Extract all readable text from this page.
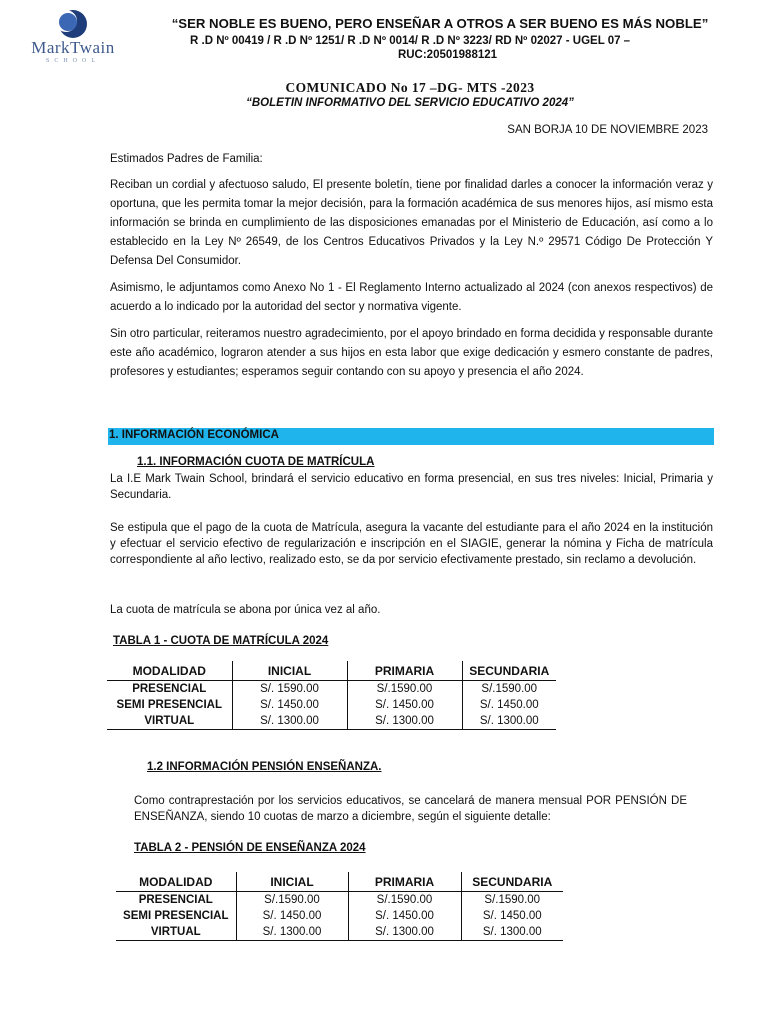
MarkTwain
SCHOOL
“SER NOBLE ES BUENO, PERO ENSEÑAR A OTROS A SER BUENO ES MÁS NOBLE”
R .D Nº 00419 / R .D Nº 1251/ R .D Nº 0014/ R .D Nº 3223/ RD Nº 02027 - UGEL 07 –
RUC:20501988121
COMUNICADO No 17 –DG- MTS -2023
“BOLETIN INFORMATIVO DEL SERVICIO EDUCATIVO 2024”
SAN BORJA 10 DE NOVIEMBRE 2023

Estimados Padres de Familia:

Reciban un cordial y afectuoso saludo, El presente boletín, tiene por finalidad darles a conocer la información veraz y oportuna, que les permita tomar la mejor decisión, para la formación académica de sus menores hijos, así mismo esta información se brinda en cumplimiento de las disposiciones emanadas por el Ministerio de Educación, así como a lo establecido en la Ley Nº 26549, de los Centros Educativos Privados y la Ley N.º 29571 Código De Protección Y Defensa Del Consumidor.

Asimismo, le adjuntamos como Anexo No 1 - El Reglamento Interno actualizado al 2024 (con anexos respectivos) de acuerdo a lo indicado por la autoridad del sector y normativa vigente.

Sin otro particular, reiteramos nuestro agradecimiento, por el apoyo brindado en forma decidida y responsable durante este año académico, lograron atender a sus hijos en esta labor que exige dedicación y esmero constante de padres, profesores y estudiantes; esperamos seguir contando con su apoyo y presencia el año 2024.

1. INFORMACIÓN ECONÓMICA
1.1. INFORMACIÓN CUOTA DE MATRÍCULA

La I.E Mark Twain School, brindará el servicio educativo en forma presencial, en sus tres niveles: Inicial, Primaria y Secundaria.

Se estipula que el pago de la cuota de Matrícula, asegura la vacante del estudiante para el año 2024 en la institución y efectuar el servicio efectivo de regularización e inscripción en el SIAGIE, generar la nómina y Ficha de matrícula correspondiente al año lectivo, realizado esto, se da por servicio efectivamente prestado, sin reclamo a devolución.

La cuota de matrícula se abona por única vez al año.

TABLA 1 - CUOTA DE MATRÍCULA 2024
MODALIDAD	INICIAL	PRIMARIA	SECUNDARIA
PRESENCIAL	S/. 1590.00	S/.1590.00	S/.1590.00
SEMI PRESENCIAL	S/. 1450.00	S/. 1450.00	S/. 1450.00
VIRTUAL	S/. 1300.00	S/. 1300.00	S/. 1300.00
1.2 INFORMACIÓN PENSIÓN ENSEÑANZA.

Como contraprestación por los servicios educativos, se cancelará de manera mensual POR PENSIÓN DE ENSEÑANZA, siendo 10 cuotas de marzo a diciembre, según el siguiente detalle:

TABLA 2 - PENSIÓN DE ENSEÑANZA 2024
MODALIDAD	INICIAL	PRIMARIA	SECUNDARIA
PRESENCIAL	S/.1590.00	S/.1590.00	S/.1590.00
SEMI PRESENCIAL	S/. 1450.00	S/. 1450.00	S/. 1450.00
VIRTUAL	S/. 1300.00	S/. 1300.00	S/. 1300.00
